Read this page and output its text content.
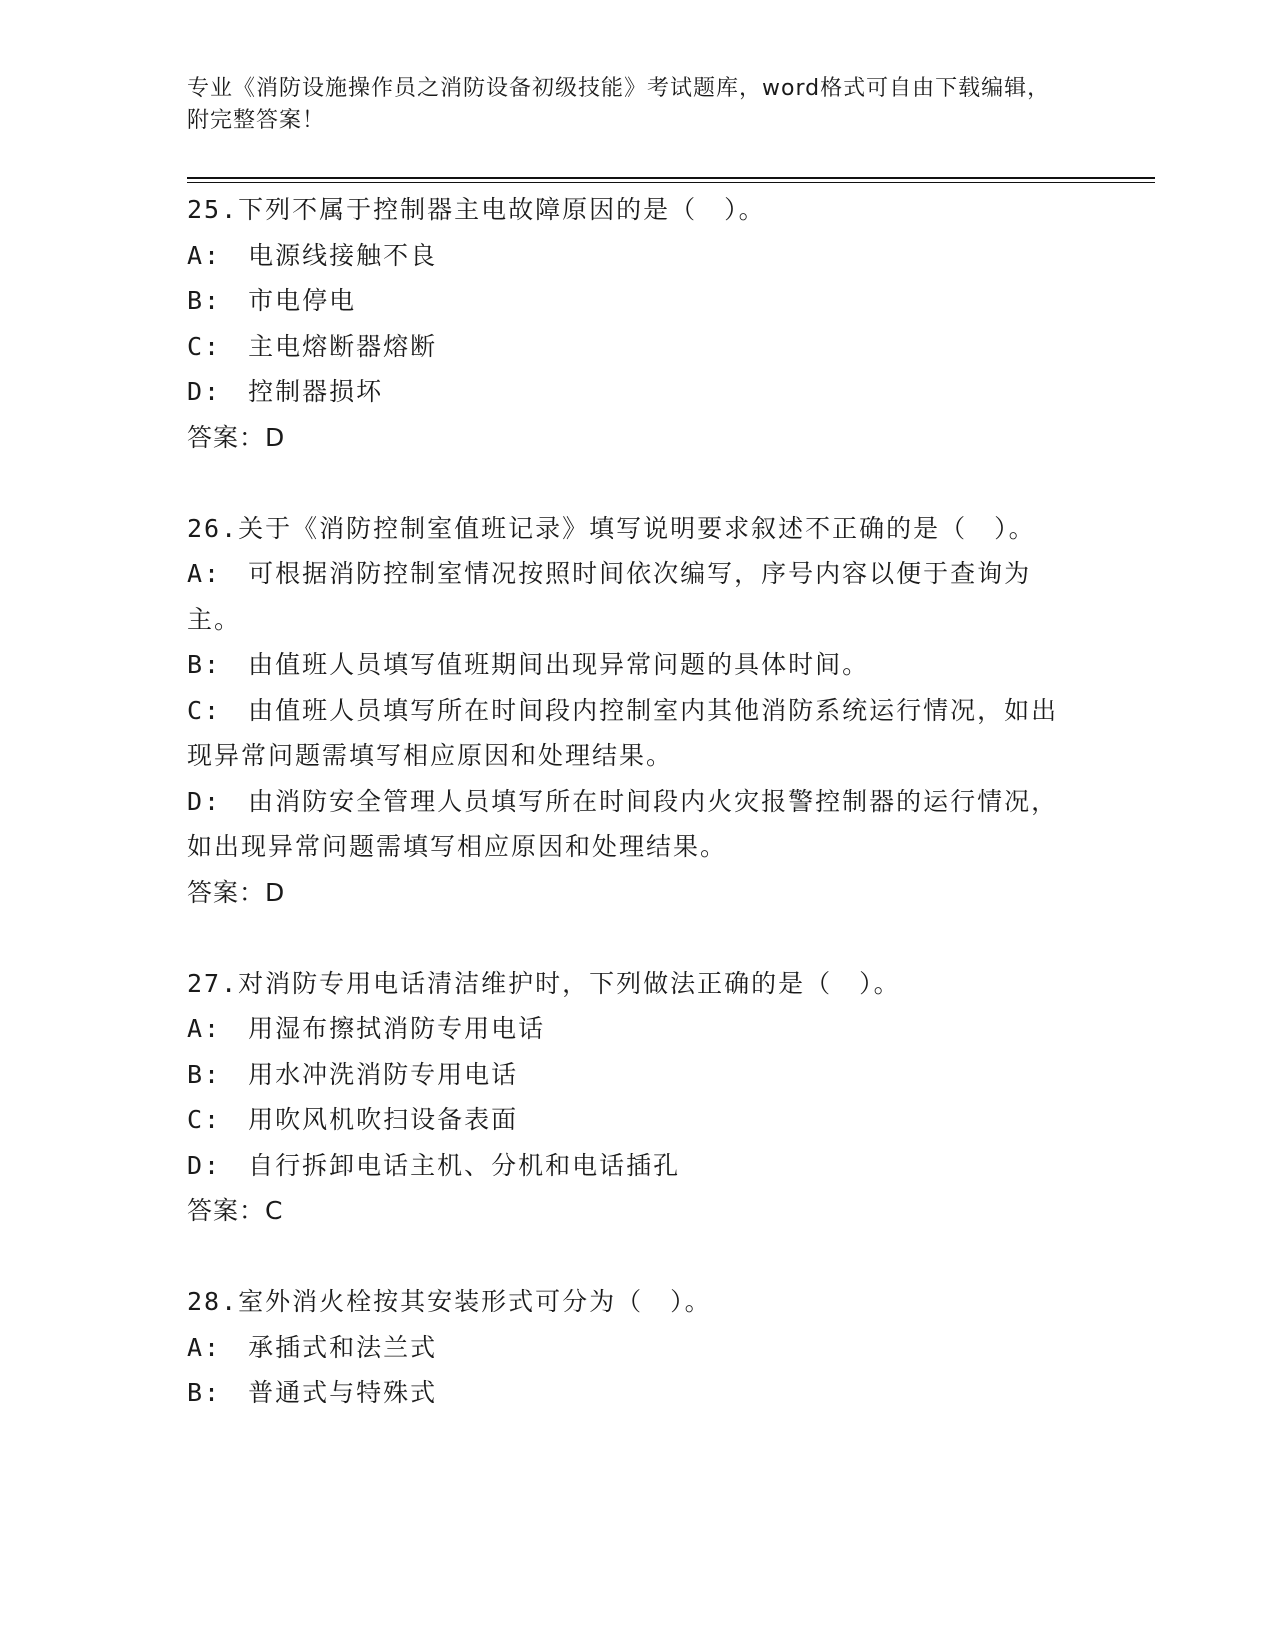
专业《消防设施操作员之消防设备初级技能》考试题库，word格式可自由下载编辑，附完整答案！

25.下列不属于控制器主电故障原因的是（　）。

A:　电源线接触不良

B:　市电停电

C:　主电熔断器熔断

D:　控制器损坏

答案：D

26.关于《消防控制室值班记录》填写说明要求叙述不正确的是（　）。

A:　可根据消防控制室情况按照时间依次编写，序号内容以便于查询为主。

B:　由值班人员填写值班期间出现异常问题的具体时间。

C:　由值班人员填写所在时间段内控制室内其他消防系统运行情况，如出现异常问题需填写相应原因和处理结果。

D:　由消防安全管理人员填写所在时间段内火灾报警控制器的运行情况，如出现异常问题需填写相应原因和处理结果。

答案：D

27.对消防专用电话清洁维护时，下列做法正确的是（　）。

A:　用湿布擦拭消防专用电话

B:　用水冲洗消防专用电话

C:　用吹风机吹扫设备表面

D:　自行拆卸电话主机、分机和电话插孔

答案：C

28.室外消火栓按其安装形式可分为（　）。

A:　承插式和法兰式

B:　普通式与特殊式
